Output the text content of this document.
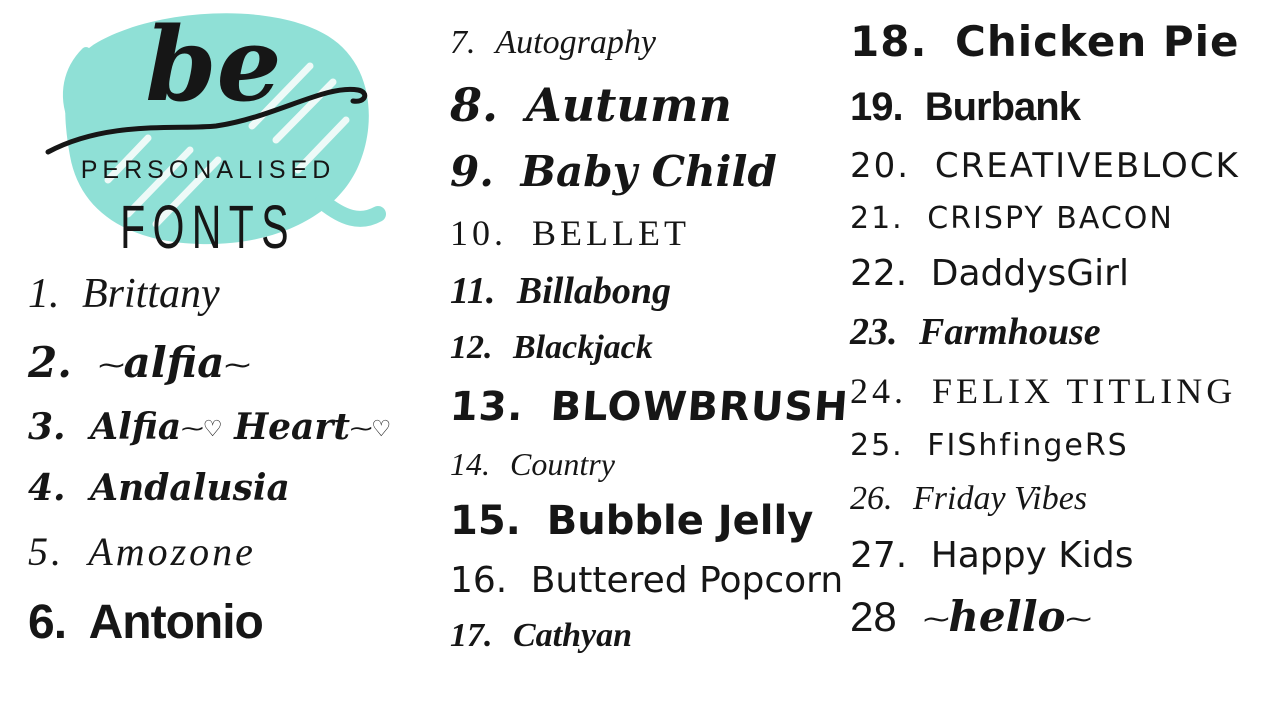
be
PERSONALISED
FONTS
1. Brittany
2. ⁓alfia⁓
3. Alfia⁓♡ Heart⁓♡
4. Andalusia
5. Amozone
6. Antonio
7. Autography
8. Autumn
9. Baby Child
10. BELLET
11. Billabong
12. Blackjack
13. BLOWBRUSH
14. Country
15. Bubble Jelly
16. Buttered Popcorn
17. Cathyan
18. Chicken Pie
19. Burbank
20. CREATIVEBLOCK
21. CRISPY BACON
22. DaddysGirl
23. Farmhouse
24. FELIX TITLING
25. FIShfingeRS
26. Friday Vibes
27. Happy Kids
28 ⁓hello⁓
